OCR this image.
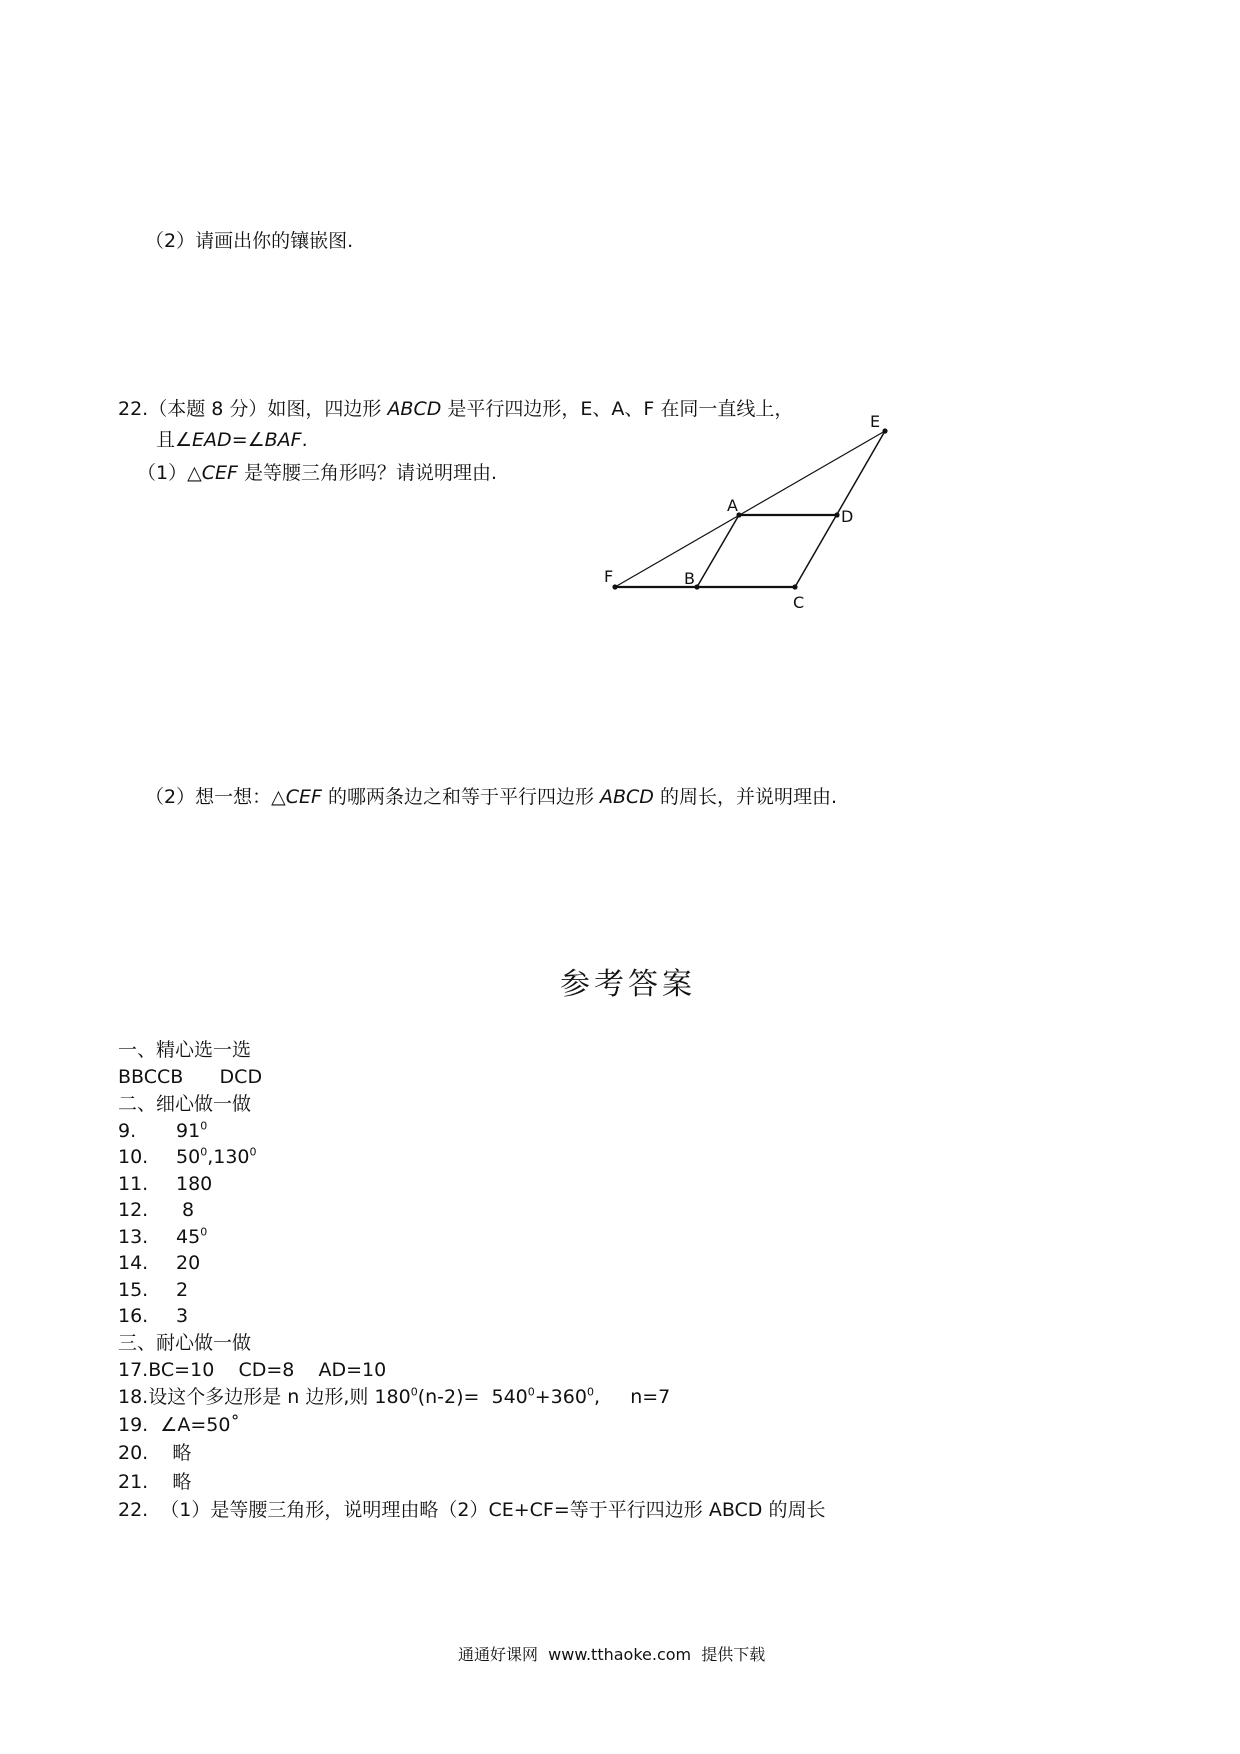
（2）请画出你的镶嵌图.
22.（本题 8 分）如图，四边形 ABCD 是平行四边形，E、A、F 在同一直线上，
且∠EAD=∠BAF.
（1）△CEF 是等腰三角形吗？请说明理由.
E
A
D
F	B
C
（2）想一想：△CEF 的哪两条边之和等于平行四边形 ABCD 的周长，并说明理由.
参考答案
一、精心选一选
BBCCB      DCD
二、细心做一做
9. $91^0$
10. $50^0,130^0$
11. 180
12. 8
13. $45^0$
14. 20
15. 2
16. 3
三、耐心做一做
17.BC=10    CD=8    AD=10
18.设这个多边形是 n 边形,则 $180^0(n-2)= 540^0+360^0$,     n=7
19.  ∠A=50˚
20.    略
21.    略
22.  （1）是等腰三角形，说明理由略（2）CE+CF=等于平行四边形 ABCD 的周长
通通好课网  www.tthaoke.com  提供下载
